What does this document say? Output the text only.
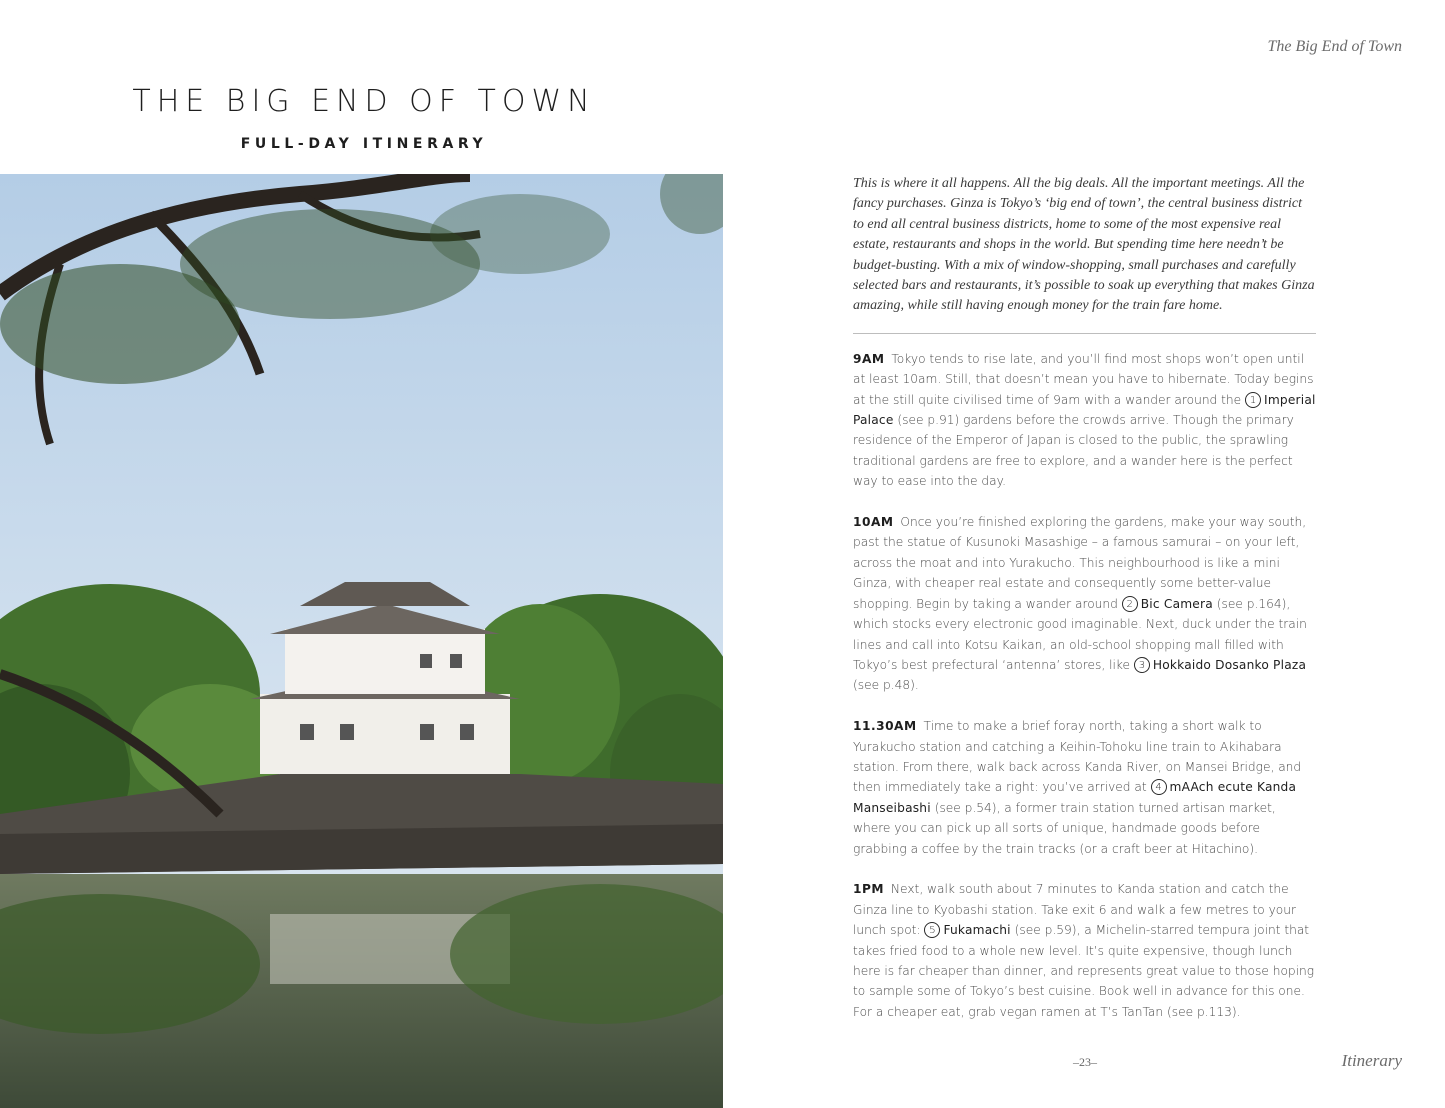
The Big End of Town
THE BIG END OF TOWN
FULL-DAY ITINERARY

This is where it all happens. All the big deals. All the important meetings. All the fancy purchases. Ginza is Tokyo’s ‘big end of town’, the central business district to end all central business districts, home to some of the most expensive real estate, restaurants and shops in the world. But spending time here needn’t be budget-busting. With a mix of window-shopping, small purchases and carefully selected bars and restaurants, it’s possible to soak up everything that makes Ginza amazing, while still having enough money for the train fare home.

9AM Tokyo tends to rise late, and you’ll find most shops won’t open until at least 10am. Still, that doesn’t mean you have to hibernate. Today begins at the still quite civilised time of 9am with a wander around the 1 Imperial Palace (see p.91) gardens before the crowds arrive. Though the primary residence of the Emperor of Japan is closed to the public, the sprawling traditional gardens are free to explore, and a wander here is the perfect way to ease into the day.

10AM Once you’re finished exploring the gardens, make your way south, past the statue of Kusunoki Masashige – a famous samurai – on your left, across the moat and into Yurakucho. This neighbourhood is like a mini Ginza, with cheaper real estate and consequently some better-value shopping. Begin by taking a wander around 2 Bic Camera (see p.164), which stocks every electronic good imaginable. Next, duck under the train lines and call into Kotsu Kaikan, an old-school shopping mall filled with Tokyo’s best prefectural ‘antenna’ stores, like 3 Hokkaido Dosanko Plaza (see p.48).

11.30AM Time to make a brief foray north, taking a short walk to Yurakucho station and catching a Keihin-Tohoku line train to Akihabara station. From there, walk back across Kanda River, on Mansei Bridge, and then immediately take a right: you’ve arrived at 4 mAAch ecute Kanda Manseibashi (see p.54), a former train station turned artisan market, where you can pick up all sorts of unique, handmade goods before grabbing a coffee by the train tracks (or a craft beer at Hitachino).

1PM Next, walk south about 7 minutes to Kanda station and catch the Ginza line to Kyobashi station. Take exit 6 and walk a few metres to your lunch spot: 5 Fukamachi (see p.59), a Michelin-starred tempura joint that takes fried food to a whole new level. It’s quite expensive, though lunch here is far cheaper than dinner, and represents great value to those hoping to sample some of Tokyo’s best cuisine. Book well in advance for this one. For a cheaper eat, grab vegan ramen at T’s TanTan (see p.113).

–23–	Itinerary
